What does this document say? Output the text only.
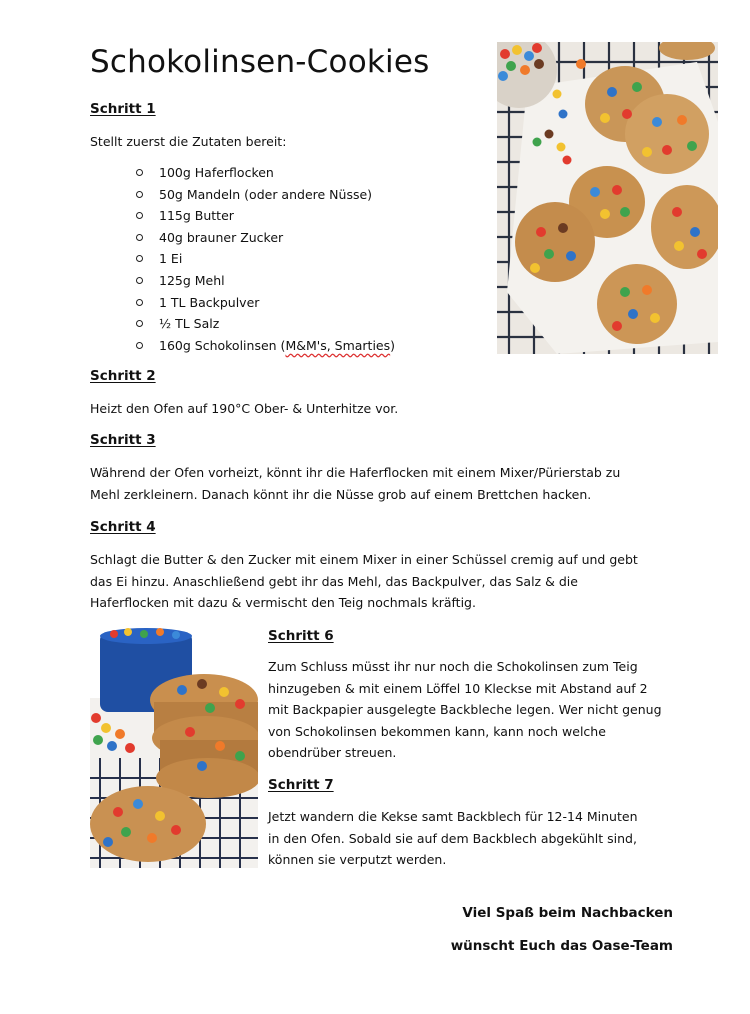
Schokolinsen-Cookies

Schritt 1

Stellt zuerst die Zutaten bereit:

100g Haferflocken
50g Mandeln (oder andere Nüsse)
115g Butter
40g brauner Zucker
1 Ei
125g Mehl
1 TL Backpulver
½ TL Salz
160g Schokolinsen (M&M's, Smarties)

Schritt 2

Heizt den Ofen auf 190°C Ober- & Unterhitze vor.

Schritt 3

Während der Ofen vorheizt, könnt ihr die Haferflocken mit einem Mixer/Pürierstab zu
Mehl zerkleinern. Danach könnt ihr die Nüsse grob auf einem Brettchen hacken.

Schritt 4

Schlagt die Butter & den Zucker mit einem Mixer in einer Schüssel cremig auf und gebt
das Ei hinzu. Anaschließend gebt ihr das Mehl, das Backpulver, das Salz & die
Haferflocken mit dazu & vermischt den Teig nochmals kräftig.

Schritt 6

Zum Schluss müsst ihr nur noch die Schokolinsen zum Teig
hinzugeben & mit einem Löffel 10 Kleckse mit Abstand auf 2
mit Backpapier ausgelegte Backbleche legen. Wer nicht genug
von Schokolinsen bekommen kann, kann noch welche
obendrüber streuen.

Schritt 7

Jetzt wandern die Kekse samt Backblech für 12-14 Minuten
in den Ofen. Sobald sie auf dem Backblech abgekühlt sind,
können sie verputzt werden.

Viel Spaß beim Nachbacken

wünscht Euch das Oase-Team
